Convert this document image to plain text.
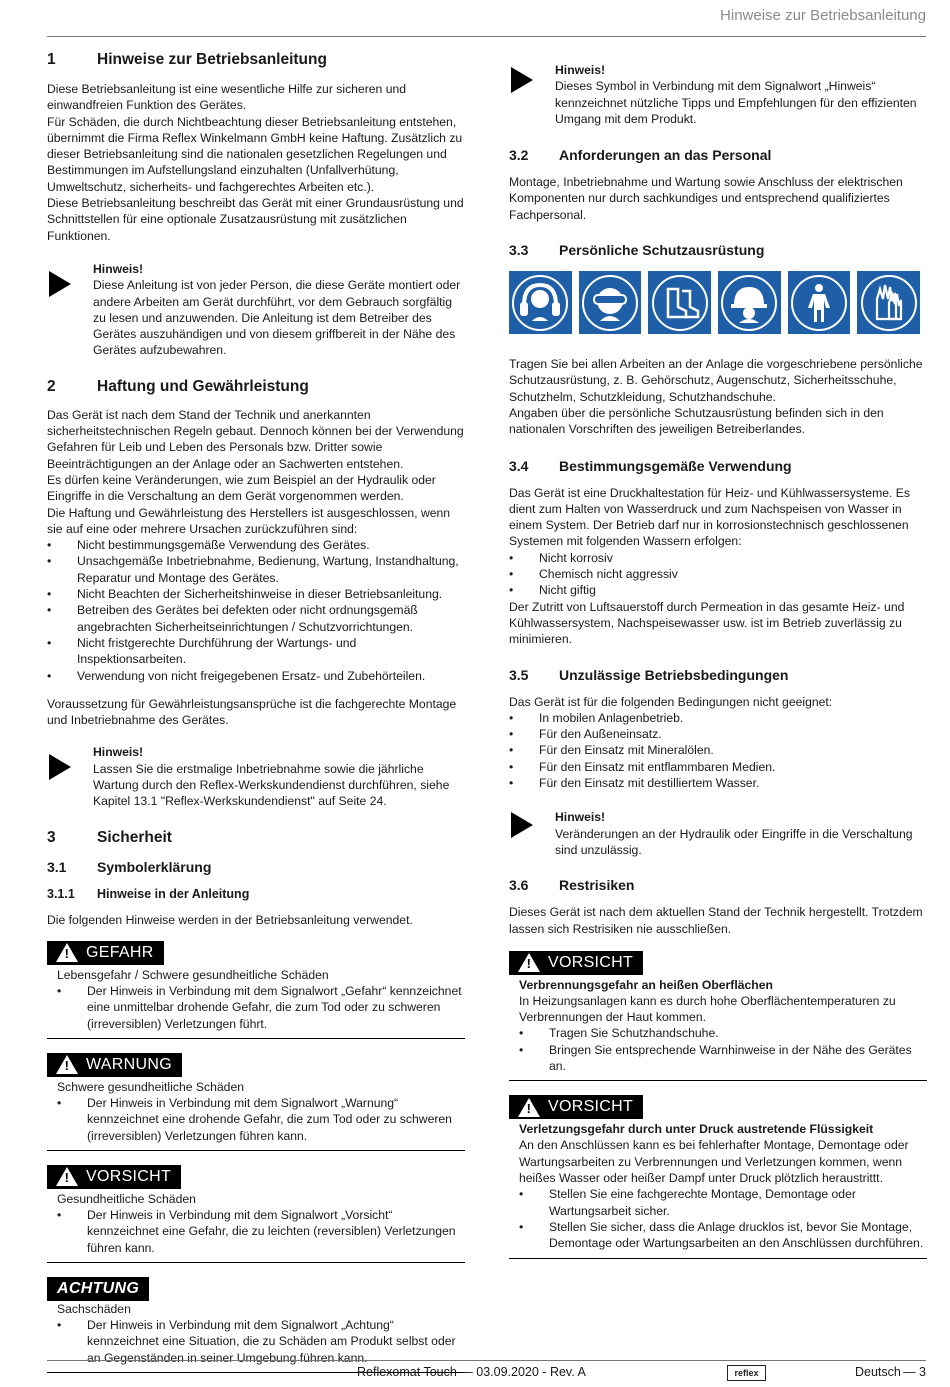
Hinweise zur Betriebsanleitung
1	Hinweise zur Betriebsanleitung

Diese Betriebsanleitung ist eine wesentliche Hilfe zur sicheren und einwandfreien Funktion des Gerätes.

Für Schäden, die durch Nichtbeachtung dieser Betriebsanleitung entstehen, übernimmt die Firma Reflex Winkelmann GmbH keine Haftung. Zusätzlich zu dieser Betriebsanleitung sind die nationalen gesetzlichen Regelungen und Bestimmungen im Aufstellungsland einzuhalten (Unfallverhütung, Umweltschutz, sicherheits- und fachgerechtes Arbeiten etc.).

Diese Betriebsanleitung beschreibt das Gerät mit einer Grundausrüstung und Schnittstellen für eine optionale Zusatzausrüstung mit zusätzlichen Funktionen.

Hinweis!

Diese Anleitung ist von jeder Person, die diese Geräte montiert oder andere Arbeiten am Gerät durchführt, vor dem Gebrauch sorgfältig zu lesen und anzuwenden. Die Anleitung ist dem Betreiber des Gerätes auszuhändigen und von diesem griffbereit in der Nähe des Gerätes aufzubewahren.

2	Haftung und Gewährleistung

Das Gerät ist nach dem Stand der Technik und anerkannten sicherheitstechnischen Regeln gebaut. Dennoch können bei der Verwendung Gefahren für Leib und Leben des Personals bzw. Dritter sowie Beeinträchtigungen an der Anlage oder an Sachwerten entstehen.

Es dürfen keine Veränderungen, wie zum Beispiel an der Hydraulik oder Eingriffe in die Verschaltung an dem Gerät vorgenommen werden.

Die Haftung und Gewährleistung des Herstellers ist ausgeschlossen, wenn sie auf eine oder mehrere Ursachen zurückzuführen sind:

• Nicht bestimmungsgemäße Verwendung des Gerätes.
• Unsachgemäße Inbetriebnahme, Bedienung, Wartung, Instandhaltung, Reparatur und Montage des Gerätes.
• Nicht Beachten der Sicherheitshinweise in dieser Betriebsanleitung.
• Betreiben des Gerätes bei defekten oder nicht ordnungsgemäß angebrachten Sicherheitseinrichtungen / Schutzvorrichtungen.
• Nicht fristgerechte Durchführung der Wartungs- und Inspektionsarbeiten.
• Verwendung von nicht freigegebenen Ersatz- und Zubehörteilen.

Voraussetzung für Gewährleistungsansprüche ist die fachgerechte Montage und Inbetriebnahme des Gerätes.

Hinweis!

Lassen Sie die erstmalige Inbetriebnahme sowie die jährliche Wartung durch den Reflex-Werkskundendienst durchführen, siehe Kapitel 13.1 "Reflex-Werkskundendienst" auf Seite 24.

3	Sicherheit
3.1 Symbolerklärung
3.1.1 Hinweise in der Anleitung

Die folgenden Hinweise werden in der Betriebsanleitung verwendet.

!
GEFAHR

Lebensgefahr / Schwere gesundheitliche Schäden

• Der Hinweis in Verbindung mit dem Signalwort „Gefahr“ kennzeichnet eine unmittelbar drohende Gefahr, die zum Tod oder zu schweren (irreversiblen) Verletzungen führt.
!
WARNUNG

Schwere gesundheitliche Schäden

• Der Hinweis in Verbindung mit dem Signalwort „Warnung“ kennzeichnet eine drohende Gefahr, die zum Tod oder zu schweren (irreversiblen) Verletzungen führen kann.
!
VORSICHT

Gesundheitliche Schäden

• Der Hinweis in Verbindung mit dem Signalwort „Vorsicht“ kennzeichnet eine Gefahr, die zu leichten (reversiblen) Verletzungen führen kann.
ACHTUNG

Sachschäden

• Der Hinweis in Verbindung mit dem Signalwort „Achtung“ kennzeichnet eine Situation, die zu Schäden am Produkt selbst oder an Gegenständen in seiner Umgebung führen kann.
Hinweis!

Dieses Symbol in Verbindung mit dem Signalwort „Hinweis“ kennzeichnet nützliche Tipps und Empfehlungen für den effizienten Umgang mit dem Produkt.

3.2 Anforderungen an das Personal

Montage, Inbetriebnahme und Wartung sowie Anschluss der elektrischen Komponenten nur durch sachkundiges und entsprechend qualifiziertes Fachpersonal.

3.3 Persönliche Schutzausrüstung

Tragen Sie bei allen Arbeiten an der Anlage die vorgeschriebene persönliche Schutzausrüstung, z. B. Gehörschutz, Augenschutz, Sicherheitsschuhe, Schutzhelm, Schutzkleidung, Schutzhandschuhe.

Angaben über die persönliche Schutzausrüstung befinden sich in den nationalen Vorschriften des jeweiligen Betreiberlandes.

3.4 Bestimmungsgemäße Verwendung

Das Gerät ist eine Druckhaltestation für Heiz- und Kühlwassersysteme. Es dient zum Halten von Wasserdruck und zum Nachspeisen von Wasser in einem System. Der Betrieb darf nur in korrosionstechnisch geschlossenen Systemen mit folgenden Wassern erfolgen:

• Nicht korrosiv
• Chemisch nicht aggressiv
• Nicht giftig

Der Zutritt von Luftsauerstoff durch Permeation in das gesamte Heiz- und Kühlwassersystem, Nachspeisewasser usw. ist im Betrieb zuverlässig zu minimieren.

3.5 Unzulässige Betriebsbedingungen

Das Gerät ist für die folgenden Bedingungen nicht geeignet:

• In mobilen Anlagenbetrieb.
• Für den Außeneinsatz.
• Für den Einsatz mit Mineralölen.
• Für den Einsatz mit entflammbaren Medien.
• Für den Einsatz mit destilliertem Wasser.
Hinweis!

Veränderungen an der Hydraulik oder Eingriffe in die Verschaltung sind unzulässig.

3.6 Restrisiken

Dieses Gerät ist nach dem aktuellen Stand der Technik hergestellt. Trotzdem lassen sich Restrisiken nie ausschließen.

!
VORSICHT
Verbrennungsgefahr an heißen Oberflächen

In Heizungsanlagen kann es durch hohe Oberflächentemperaturen zu Verbrennungen der Haut kommen.

• Tragen Sie Schutzhandschuhe.
• Bringen Sie entsprechende Warnhinweise in der Nähe des Gerätes an.
!
VORSICHT
Verletzungsgefahr durch unter Druck austretende Flüssigkeit

An den Anschlüssen kann es bei fehlerhafter Montage, Demontage oder Wartungsarbeiten zu Verbrennungen und Verletzungen kommen, wenn heißes Wasser oder heißer Dampf unter Druck plötzlich heraustrittt.

• Stellen Sie eine fachgerechte Montage, Demontage oder Wartungsarbeit sicher.
• Stellen Sie sicher, dass die Anlage drucklos ist, bevor Sie Montage, Demontage oder Wartungsarbeiten an den Anschlüssen durchführen.
Reflexomat Touch — 03.09.2020 - Rev. A	reflex	Deutsch — 3
